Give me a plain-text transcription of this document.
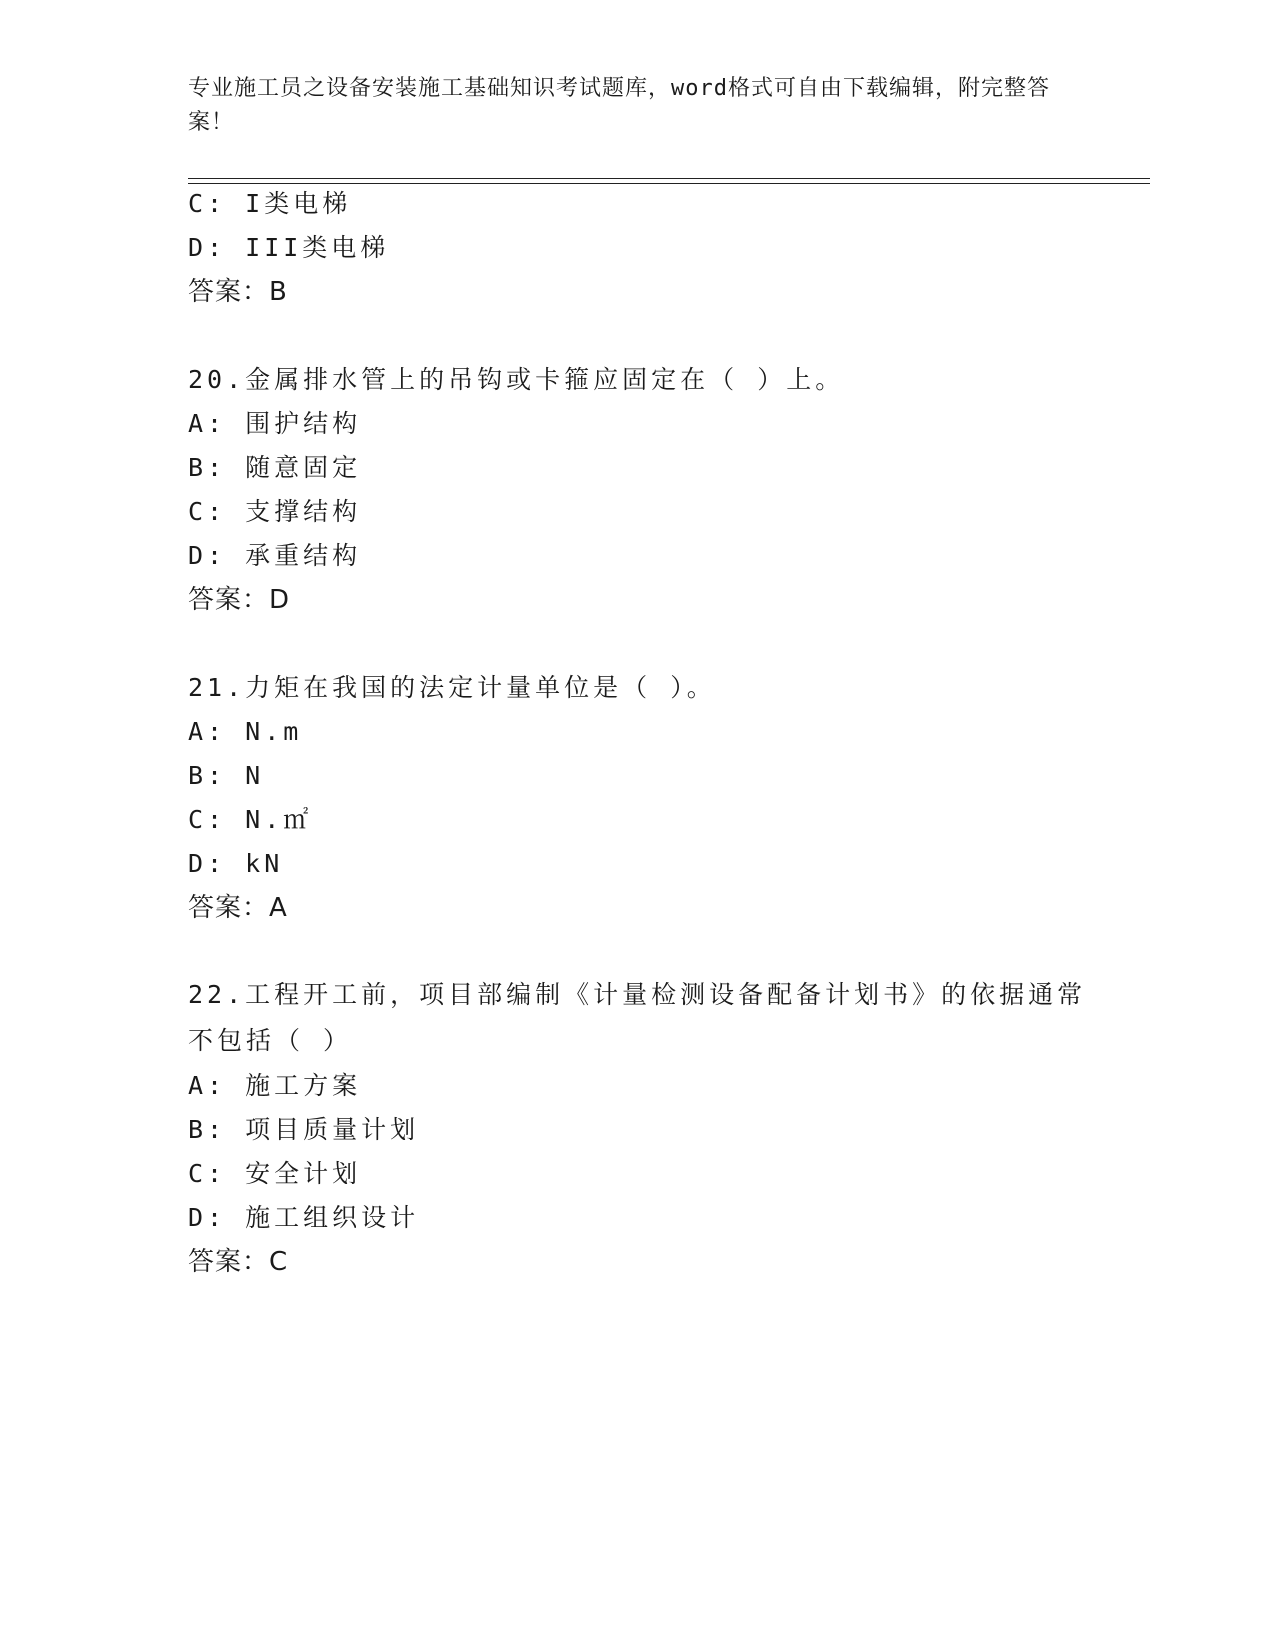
专业施工员之设备安装施工基础知识考试题库，word格式可自由下载编辑，附完整答案！
C: I类电梯
D: III类电梯
答案：B
20.金属排水管上的吊钩或卡箍应固定在（ ）上。
A: 围护结构
B: 随意固定
C: 支撑结构
D: 承重结构
答案：D
21.力矩在我国的法定计量单位是（ ）。
A: N.m
B: N
C: N.㎡
D: kN
答案：A
22.工程开工前，项目部编制《计量检测设备配备计划书》的依据通常不包括（ ）
A: 施工方案
B: 项目质量计划
C: 安全计划
D: 施工组织设计
答案：C
